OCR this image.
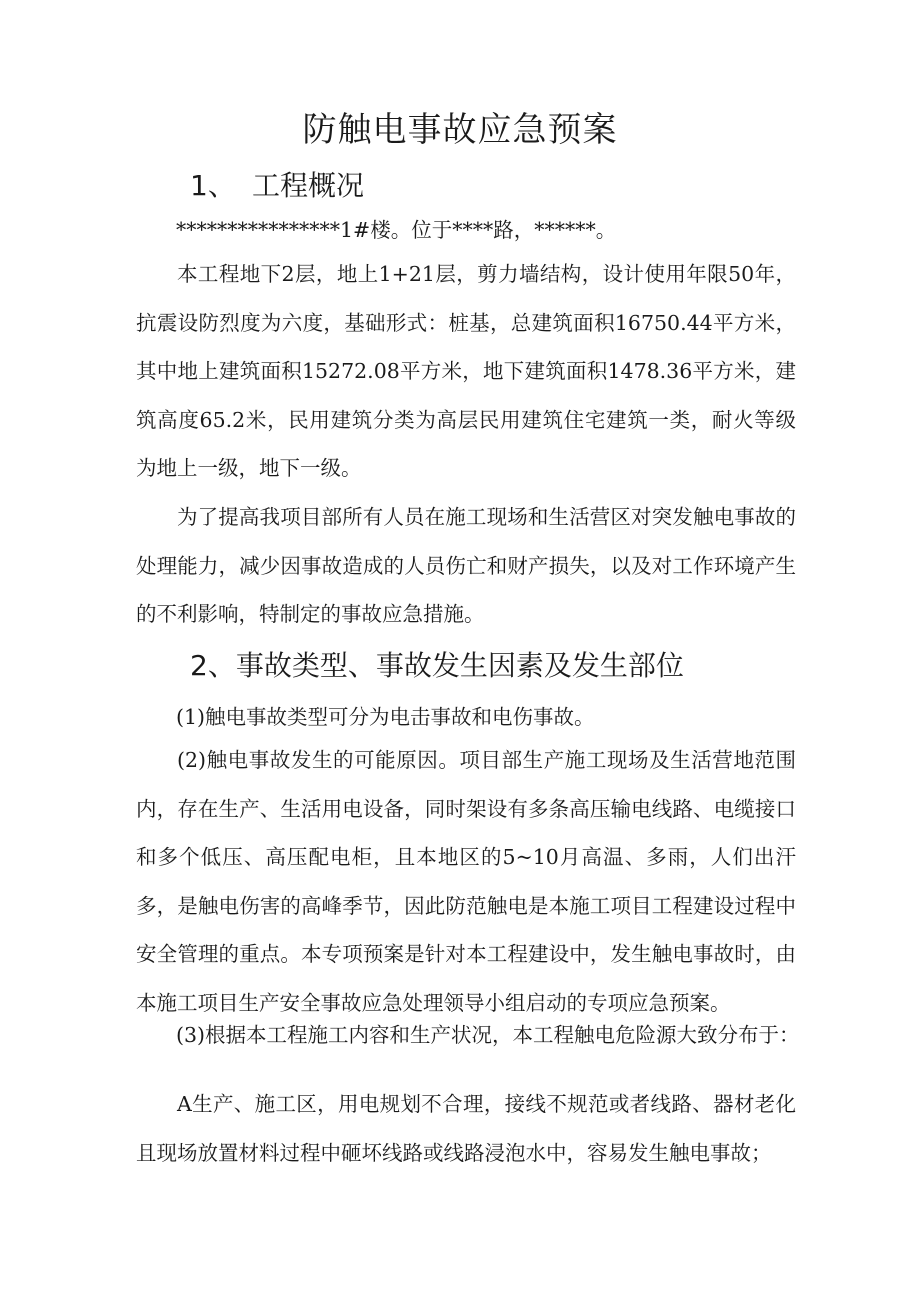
防触电事故应急预案
1、 工程概况
****************1#楼。位于****路，******。
本工程地下2层，地上1+21层，剪力墙结构，设计使用年限50年，抗震设防烈度为六度，基础形式：桩基，总建筑面积16750.44平方米，其中地上建筑面积15272.08平方米，地下建筑面积1478.36平方米，建筑高度65.2米，民用建筑分类为高层民用建筑住宅建筑一类，耐火等级为地上一级，地下一级。
为了提高我项目部所有人员在施工现场和生活营区对突发触电事故的处理能力，减少因事故造成的人员伤亡和财产损失，以及对工作环境产生的不利影响，特制定的事故应急措施。
2、事故类型、事故发生因素及发生部位
(1)触电事故类型可分为电击事故和电伤事故。
(2)触电事故发生的可能原因。项目部生产施工现场及生活营地范围内，存在生产、生活用电设备，同时架设有多条高压输电线路、电缆接口和多个低压、高压配电柜，且本地区的5~10月高温、多雨，人们出汗多，是触电伤害的高峰季节，因此防范触电是本施工项目工程建设过程中安全管理的重点。本专项预案是针对本工程建设中，发生触电事故时，由本施工项目生产安全事故应急处理领导小组启动的专项应急预案。
(3)根据本工程施工内容和生产状况，本工程触电危险源大致分布于：
A生产、施工区，用电规划不合理，接线不规范或者线路、器材老化且现场放置材料过程中砸坏线路或线路浸泡水中，容易发生触电事故；
